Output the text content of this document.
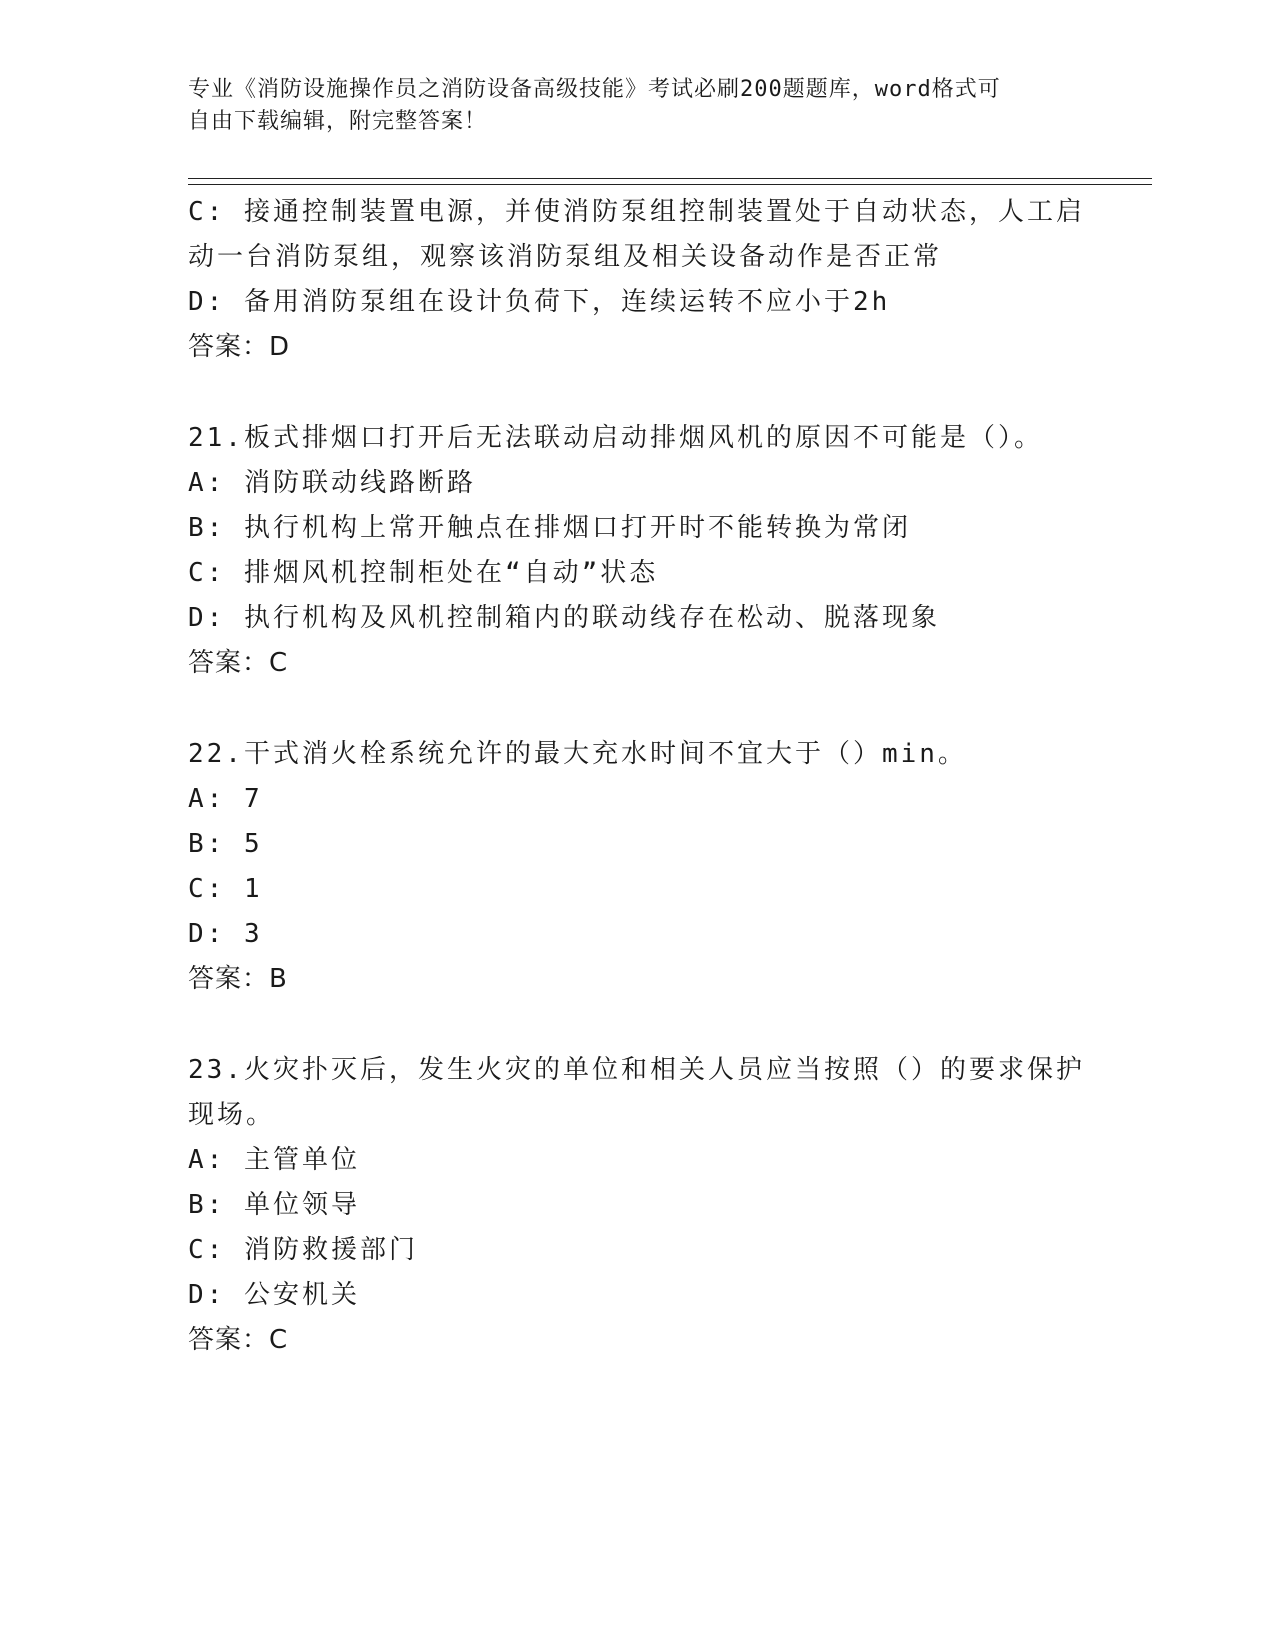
专业《消防设施操作员之消防设备高级技能》考试必刷200题题库，word格式可
自由下载编辑，附完整答案！
C: 接通控制装置电源，并使消防泵组控制装置处于自动状态，人工启
动一台消防泵组，观察该消防泵组及相关设备动作是否正常
D: 备用消防泵组在设计负荷下，连续运转不应小于2h
答案：D
21.板式排烟口打开后无法联动启动排烟风机的原因不可能是（）。
A: 消防联动线路断路
B: 执行机构上常开触点在排烟口打开时不能转换为常闭
C: 排烟风机控制柜处在“自动”状态
D: 执行机构及风机控制箱内的联动线存在松动、脱落现象
答案：C
22.干式消火栓系统允许的最大充水时间不宜大于（）min。
A: 7
B: 5
C: 1
D: 3
答案：B
23.火灾扑灭后，发生火灾的单位和相关人员应当按照（）的要求保护
现场。
A: 主管单位
B: 单位领导
C: 消防救援部门
D: 公安机关
答案：C
